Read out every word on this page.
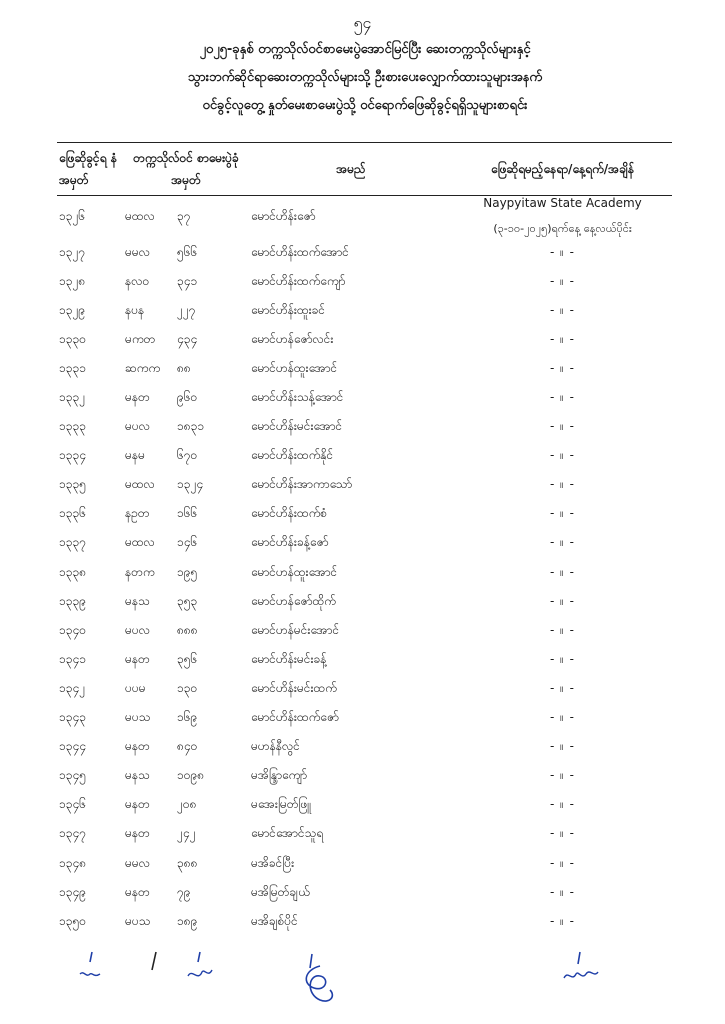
၅၄
၂၀၂၅-ခုနှစ် တက္ကသိုလ်ဝင်စာမေးပွဲအောင်မြင်ပြီး ဆေးတက္ကသိုလ်များနှင့်
သွားဘက်ဆိုင်ရာဆေးတက္ကသိုလ်များသို့ ဦးစားပေးလျှောက်ထားသူများအနက်
ဝင်ခွင့်လူတွေ့ နှုတ်မေးစာမေးပွဲသို့ ဝင်ရောက်ဖြေဆိုခွင့်ရရှိသူများစာရင်း
ဖြေဆိုခွင့်ရ နံအမှတ်	တက္ကသိုလ်ဝင် စာမေးပွဲခုံအမှတ်		အမည်	ဖြေဆိုရမည့်နေရာ/နေ့ရက်/အချိန်
၁၃၂၆	မထလ	၃၇	မောင်ဟိန်းဇော်	Naypyitaw State Academy
(၃-၁၀-၂၀၂၅)ရက်နေ့ နေ့လယ်ပိုင်း

၁၃၂၇	မမလ	၅၆၆	မောင်ဟိန်းထက်အောင်	- ။ -
၁၃၂၈	နလဝ	၃၄၁	မောင်ဟိန်းထက်ကျော်	- ။ -
၁၃၂၉	နပန	၂၂၇	မောင်ဟိန်းထူးခင်	- ။ -
၁၃၃၀	မကတ	၄၃၄	မောင်ဟန်ဇော်လင်း	- ။ -
၁၃၃၁	ဆကက	၈၈	မောင်ဟန်ထူးအောင်	- ။ -
၁၃၃၂	မနတ	၉၆၀	မောင်ဟိန်းသန့်အောင်	- ။ -
၁၃၃၃	မပလ	၁၈၃၁	မောင်ဟိန်းမင်းအောင်	- ။ -
၁၃၃၄	မနမ	၆၇၀	မောင်ဟိန်းထက်နိုင်	- ။ -
၁၃၃၅	မထလ	၁၃၂၄	မောင်ဟိန်းအာကာသော်	- ။ -
၁၃၃၆	နဥတ	၁၆၆	မောင်ဟိန်းထက်စံ	- ။ -
၁၃၃၇	မထလ	၁၄၆	မောင်ဟိန်းခန့်ဇော်	- ။ -
၁၃၃၈	နတက	၁၉၅	မောင်ဟန်ထူးအောင်	- ။ -
၁၃၃၉	မနသ	၃၅၃	မောင်ဟန်ဇော်ထိုက်	- ။ -
၁၃၄၀	မပလ	၈၈၈	မောင်ဟန်မင်းအောင်	- ။ -
၁၃၄၁	မနတ	၃၅၆	မောင်ဟိန်းမင်းခန့်	- ။ -
၁၃၄၂	ပပမ	၁၃၀	မောင်ဟိန်းမင်းထက်	- ။ -
၁၃၄၃	မပသ	၁၆၉	မောင်ဟိန်းထက်ဇော်	- ။ -
၁၃၄၄	မနတ	၈၄၀	မဟန်နီလွင်	- ။ -
၁၃၄၅	မနသ	၁၀၉၈	မအိန္ဒြာကျော်	- ။ -
၁၃၄၆	မနတ	၂၀၈	မအေးမြတ်ဖြူ	- ။ -
၁၃၄၇	မနတ	၂၄၂	မောင်အောင်သူရ	- ။ -
၁၃၄၈	မမလ	၃၈၈	မအိခင်ပြီး	- ။ -
၁၃၄၉	မနတ	၇၉	မအိမြတ်ချယ်	- ။ -
၁၃၅၀	မပသ	၁၈၉	မအိချစ်ပိုင်	- ။ -
